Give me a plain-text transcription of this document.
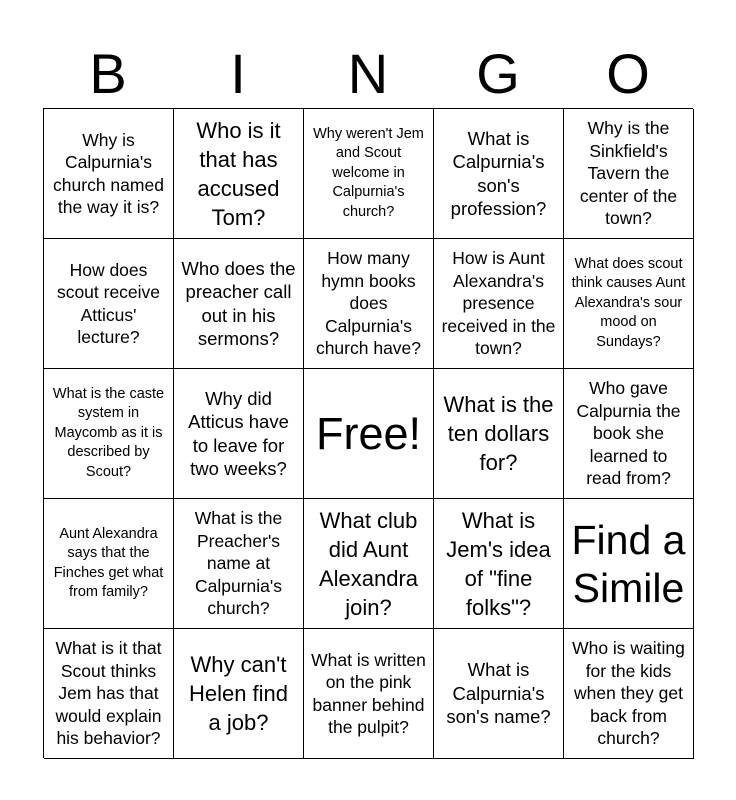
B	I	N	G	O
Why is Calpurnia's church named the way it is?
Who is it that has accused Tom?
Why weren't Jem and Scout welcome in Calpurnia's church?
What is Calpurnia's son's profession?
Why is the Sinkfield's Tavern the center of the town?
How does scout receive Atticus' lecture?
Who does the preacher call out in his sermons?
How many hymn books does Calpurnia's church have?
How is Aunt Alexandra's presence received in the town?
What does scout think causes Aunt Alexandra's sour mood on Sundays?
What is the caste system in Maycomb as it is described by Scout?
Why did Atticus have to leave for two weeks?
Free!
What is the ten dollars for?
Who gave Calpurnia the book she learned to read from?
Aunt Alexandra says that the Finches get what from family?
What is the Preacher's name at Calpurnia's church?
What club did Aunt Alexandra join?
What is Jem's idea of "fine folks"?
Find a Simile
What is it that Scout thinks Jem has that would explain his behavior?
Why can't Helen find a job?
What is written on the pink banner behind the pulpit?
What is Calpurnia's son's name?
Who is waiting for the kids when they get back from church?
